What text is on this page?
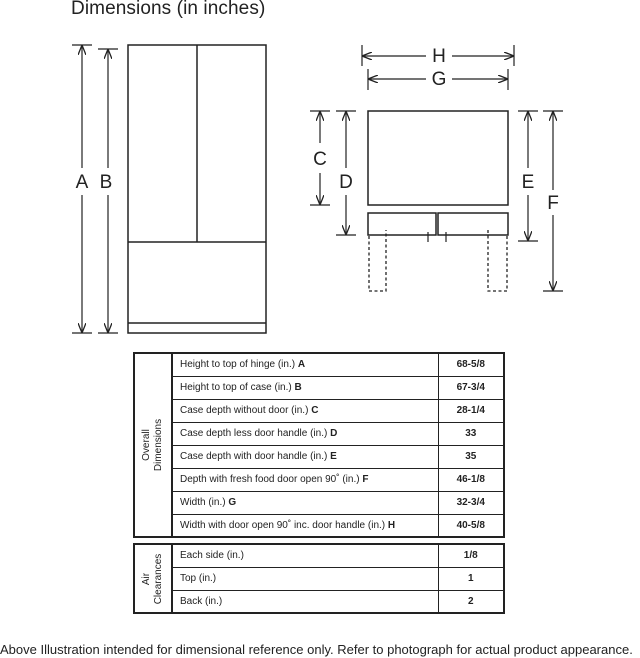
Dimensions (in inches)
A B
H
G
C
D	E
F
Overall Dimensions	Height to top of hinge (in.) A	68-5/8
	Height to top of case (in.) B	67-3/4
	Case depth without door (in.) C	28-1/4
	Case depth less door handle (in.) D	33
	Case depth with door handle (in.) E	35
	Depth with fresh food door open 90˚ (in.) F	46-1/8
	Width (in.) G	32-3/4
	Width with door open 90˚ inc. door handle (in.) H	40-5/8

Air Clearances	Each side (in.)	1/8
	Top (in.)	1
	Back (in.)	2
Above Illustration intended for dimensional reference only. Refer to photograph for actual product appearance.
